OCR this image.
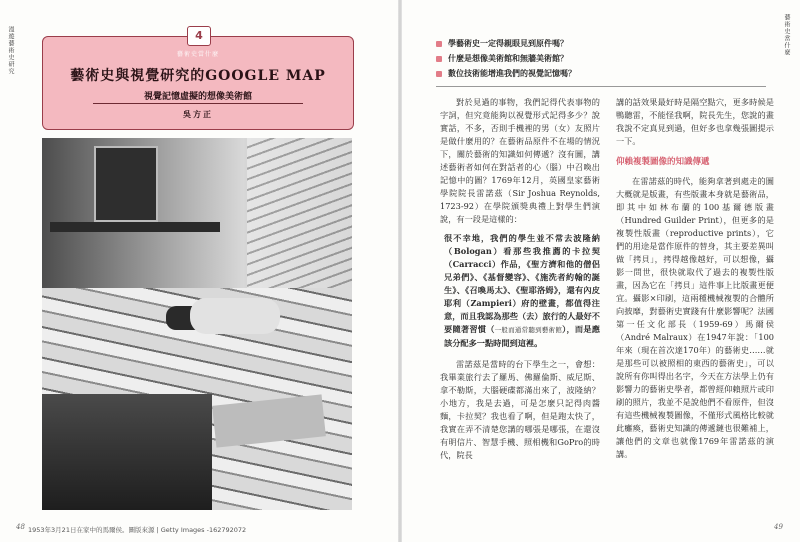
漫遊藝術史研究	4
藝術史當什麼
藝術史與視覺研究的GOOGLE MAP
視覺記憶虛擬的想像美術館
吳方正
48 1953年3月21日在家中的馬爾侯。圖版來源 | Getty Images -162792072
藝術史當什麼
49
學藝術史一定得親眼見到原件嗎？
什麼是想像美術館和無牆美術館？
數位技術能增進我們的視覺記憶嗎？

對於見過的事物，我們記得代表事物的字詞，但究竟能夠以視覺形式記得多少？說實話，不多，否則手機裡的男（女）友照片是做什麼用的？在藝術品原件不在場的情況下，關於藝術的知識如何傳遞？沒有圖，講述藝術者如何在對話者的心（腦）中召喚出記憶中的圖？1769年12月，英國皇家藝術學院院長雷諾茲（Sir Joshua Reynolds, 1723-92）在學院頒獎典禮上對學生們演說，有一段是這樣的：

很不幸地，我們的學生並不常去波隆納（Bologan）看那些我推薦的卡拉契（Carracci）作品，《聖方濟和他的僧侶兄弟們》、《基督變容》、《施洗者約翰的誕生》、《召喚馬太》、《聖耶洛姆》，還有內皮耶利（Zampieri）府的壁畫，都值得注意，而且我認為那些（去）旅行的人最好不要隨著習慣（一般而通常聽到藝術館），而是應該分配多一點時間到這裡。

雷諾茲是當時的台下學生之一，會想：我畢業旅行去了羅馬、佛羅倫斯、威尼斯、拿不勒斯，大腦硬碟都滿出來了，波隆納？小地方，我是去過，可是怎麼只記得肉醬麵，卡拉契？我也看了啊，但是跑太快了，我實在弄不清楚您講的哪張是哪張，在還沒有明信片、智慧手機、照相機和GoPro的時代，院長

講的話效果最好時是隔空點穴，更多時候是鴨聽雷，不能怪我啊，院長先生，您說的畫我說不定真見到過，但好多也拿幾張圖提示一下。

仰賴複製圖像的知識傳遞

在雷諾茲的時代，能夠拿著到處走的圖大概就是版畫，有些版畫本身就是藝術品，即其中如林布蘭的100基爾德版畫（Hundred Guilder Print），但更多的是複製性版畫（reproductive prints），它們的用途是當作原件的替身，其主要差異叫做「拷貝」，拷得越像越好，可以想像，攝影一問世，很快就取代了過去的複製性版畫，因為它在「拷貝」這件事上比版畫更便宜。攝影×印刷，這兩種機械複製的合體所向披靡，對藝術史實踐有什麼影響呢？法國第一任文化部長（1959-69）馬爾侯（André Malraux）在1947年說：「100年來（現在首次達170年）的藝術史……就是那些可以被照相的東西的藝術史」，可以說所有你叫得出名字，今天在方法學上仍有影響力的藝術史學者，都曾經仰賴照片或印刷的照片，我並不是說他們不看原件，但沒有這些機械複製圖像，不僅形式風格比較就此癱瘓，藝術史知識的傳遞鏈也很難補上，讓他們的文章也就像1769年雷諾茲的演講。
